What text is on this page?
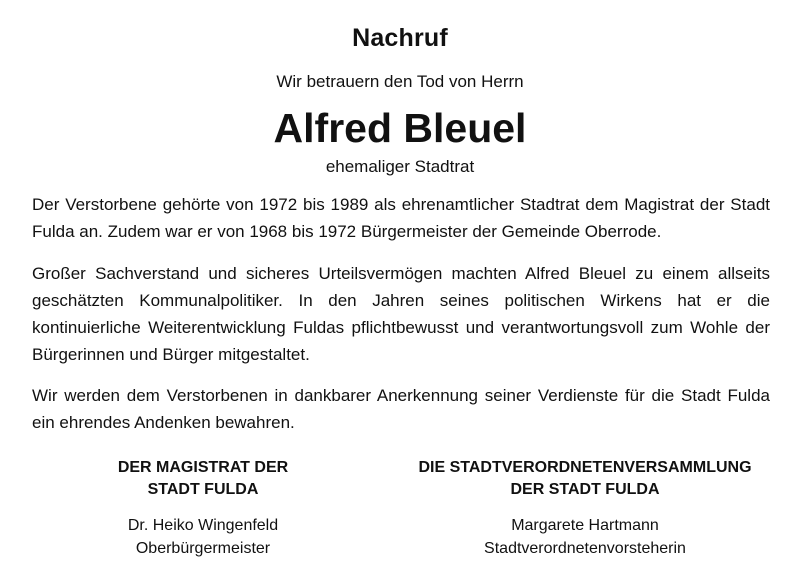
Nachruf
Wir betrauern den Tod von Herrn
Alfred Bleuel
ehemaliger Stadtrat

Der Verstorbene gehörte von 1972 bis 1989 als ehrenamtlicher Stadtrat dem Magistrat der Stadt Fulda an. Zudem war er von 1968 bis 1972 Bürgermeister der Gemeinde Oberrode.

Großer Sachverstand und sicheres Urteilsvermögen machten Alfred Bleuel zu einem allseits geschätzten Kommunalpolitiker. In den Jahren seines politischen Wirkens hat er die kontinuierliche Weiterentwicklung Fuldas pflichtbewusst und verantwortungsvoll zum Wohle der Bürgerinnen und Bürger mitgestaltet.

Wir werden dem Verstorbenen in dankbarer Anerkennung seiner Verdienste für die Stadt Fulda ein ehrendes Andenken bewahren.

DER MAGISTRAT DER
STADT FULDA
Dr. Heiko Wingenfeld
Oberbürgermeister
DIE STADTVERORDNETENVERSAMMLUNG
DER STADT FULDA
Margarete Hartmann
Stadtverordnetenvorsteherin
